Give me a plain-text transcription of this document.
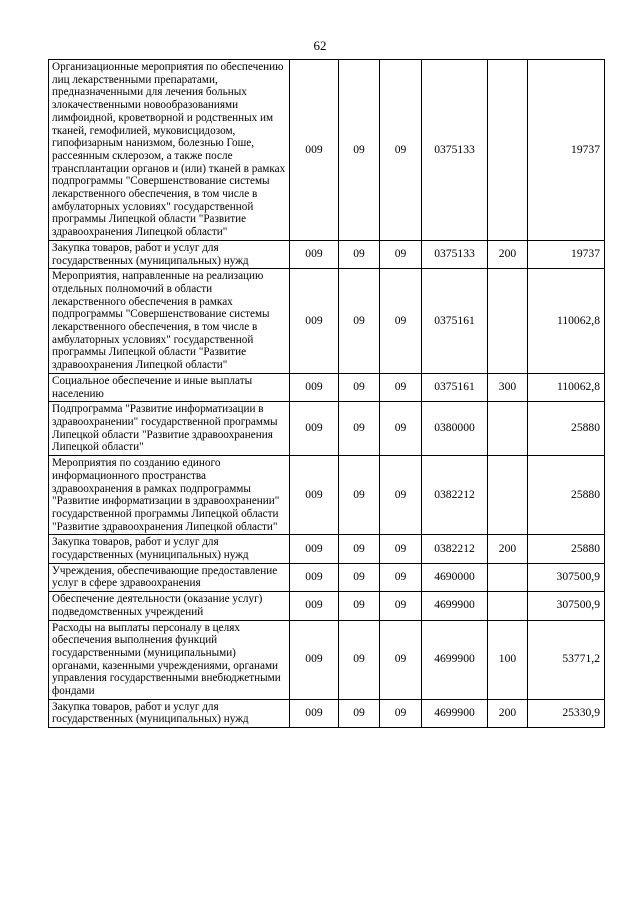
62
Организационные мероприятия по обеспечению лиц лекарственными препаратами, предназначенными для лечения больных злокачественными новообразованиями лимфоидной, кроветворной и родственных им тканей, гемофилией, муковисцидозом, гипофизарным нанизмом, болезнью Гоше, рассеянным склерозом, а также после трансплантации органов и (или) тканей в рамках подпрограммы "Совершенствование системы лекарственного обеспечения, в том числе в амбулаторных условиях" государственной программы Липецкой области "Развитие здравоохранения Липецкой области"	009	09	09	0375133		19737
Закупка товаров, работ и услуг для государственных (муниципальных) нужд	009	09	09	0375133	200	19737
Мероприятия, направленные на реализацию отдельных полномочий в области лекарственного обеспечения в рамках подпрограммы "Совершенствование системы лекарственного обеспечения, в том числе в амбулаторных условиях" государственной программы Липецкой области "Развитие здравоохранения Липецкой области"	009	09	09	0375161		110062,8
Социальное обеспечение и иные выплаты населению	009	09	09	0375161	300	110062,8
Подпрограмма "Развитие информатизации в здравоохранении" государственной программы Липецкой области "Развитие здравоохранения Липецкой области"	009	09	09	0380000		25880
Мероприятия по созданию единого информационного пространства здравоохранения в рамках подпрограммы "Развитие информатизации в здравоохранении" государственной программы Липецкой области "Развитие здравоохранения Липецкой области"	009	09	09	0382212		25880
Закупка товаров, работ и услуг для государственных (муниципальных) нужд	009	09	09	0382212	200	25880
Учреждения, обеспечивающие предоставление услуг в сфере здравоохранения	009	09	09	4690000		307500,9
Обеспечение деятельности (оказание услуг) подведомственных учреждений	009	09	09	4699900		307500,9
Расходы на выплаты персоналу в целях обеспечения выполнения функций государственными (муниципальными) органами, казенными учреждениями, органами управления государственными внебюджетными фондами	009	09	09	4699900	100	53771,2
Закупка товаров, работ и услуг для государственных (муниципальных) нужд	009	09	09	4699900	200	25330,9
